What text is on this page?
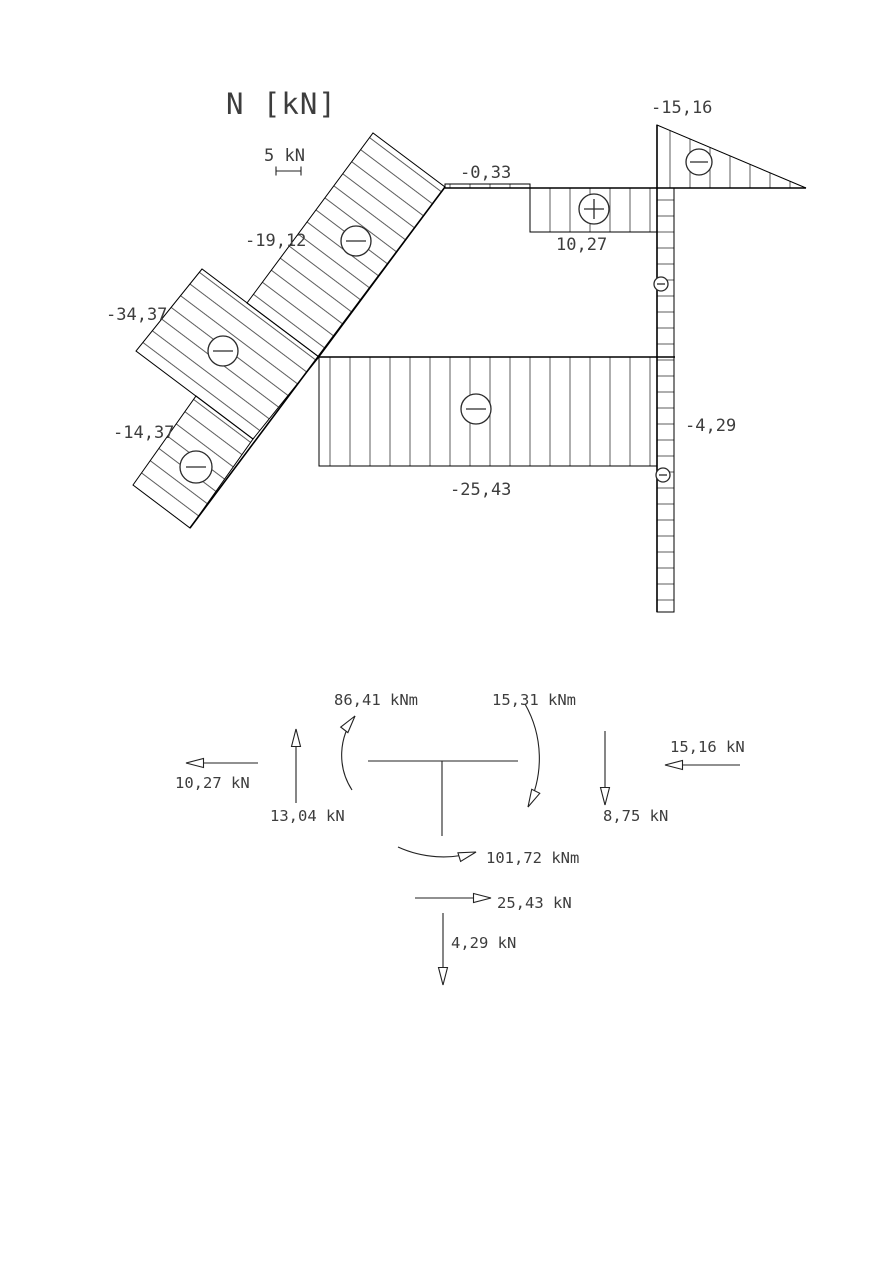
N [kN]
5 kN
-15,16
-0,33
10,27
-19,12
-34,37
-14,37
-25,43
-4,29
86,41 kNm	15,31 kNm
10,27 kN
13,04 kN
15,16 kN
8,75 kN
101,72 kNm
25,43 kN
4,29 kN
